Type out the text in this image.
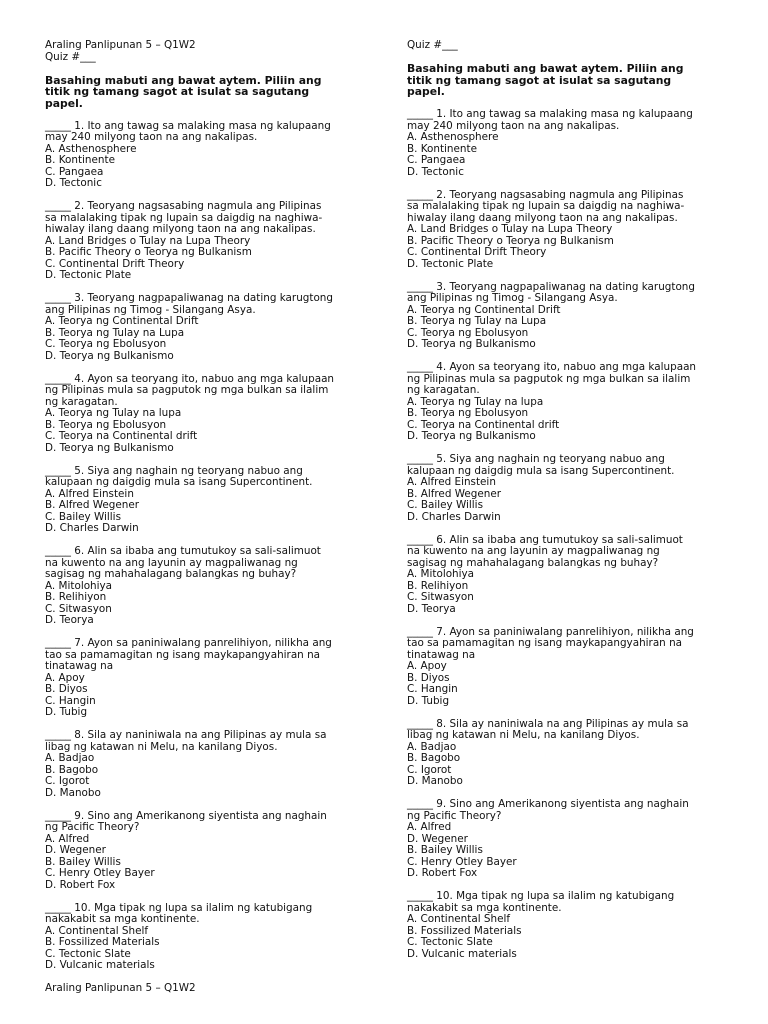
Araling Panlipunan 5 – Q1W2
Quiz #___
Basahing mabuti ang bawat aytem. Piliin ang
titik ng tamang sagot at isulat sa sagutang
papel.
_____ 1. Ito ang tawag sa malaking masa ng kalupaang
may 240 milyong taon na ang nakalipas.
A. Asthenosphere
B. Kontinente
C. Pangaea
D. Tectonic
_____ 2. Teoryang nagsasabing nagmula ang Pilipinas
sa malalaking tipak ng lupain sa daigdig na naghiwa-
hiwalay ilang daang milyong taon na ang nakalipas.
A. Land Bridges o Tulay na Lupa Theory
B. Pacific Theory o Teorya ng Bulkanism
C. Continental Drift Theory
D. Tectonic Plate
_____ 3. Teoryang nagpapaliwanag na dating karugtong
ang Pilipinas ng Timog - Silangang Asya.
A. Teorya ng Continental Drift
B. Teorya ng Tulay na Lupa
C. Teorya ng Ebolusyon
D. Teorya ng Bulkanismo
_____ 4. Ayon sa teoryang ito, nabuo ang mga kalupaan
ng Pilipinas mula sa pagputok ng mga bulkan sa ilalim
ng karagatan.
A. Teorya ng Tulay na lupa
B. Teorya ng Ebolusyon
C. Teorya na Continental drift
D. Teorya ng Bulkanismo
_____ 5. Siya ang naghain ng teoryang nabuo ang
kalupaan ng daigdig mula sa isang Supercontinent.
A. Alfred Einstein
B. Alfred Wegener
C. Bailey Willis
D. Charles Darwin
_____ 6. Alin sa ibaba ang tumutukoy sa sali-salimuot
na kuwento na ang layunin ay magpaliwanag ng
sagisag ng mahahalagang balangkas ng buhay?
A. Mitolohiya
B. Relihiyon
C. Sitwasyon
D. Teorya
_____ 7. Ayon sa paniniwalang panrelihiyon, nilikha ang
tao sa pamamagitan ng isang maykapangyahiran na
tinatawag na
A. Apoy
B. Diyos
C. Hangin
D. Tubig
_____ 8. Sila ay naniniwala na ang Pilipinas ay mula sa
libag ng katawan ni Melu, na kanilang Diyos.
A. Badjao
B. Bagobo
C. Igorot
D. Manobo
_____ 9. Sino ang Amerikanong siyentista ang naghain
ng Pacific Theory?
A. Alfred
D. Wegener
B. Bailey Willis
C. Henry Otley Bayer
D. Robert Fox
_____ 10. Mga tipak ng lupa sa ilalim ng katubigang
nakakabit sa mga kontinente.
A. Continental Shelf
B. Fossilized Materials
C. Tectonic Slate
D. Vulcanic materials
Araling Panlipunan 5 – Q1W2
Quiz #___
Basahing mabuti ang bawat aytem. Piliin ang
titik ng tamang sagot at isulat sa sagutang
papel.
_____ 1. Ito ang tawag sa malaking masa ng kalupaang
may 240 milyong taon na ang nakalipas.
A. Asthenosphere
B. Kontinente
C. Pangaea
D. Tectonic
_____ 2. Teoryang nagsasabing nagmula ang Pilipinas
sa malalaking tipak ng lupain sa daigdig na naghiwa-
hiwalay ilang daang milyong taon na ang nakalipas.
A. Land Bridges o Tulay na Lupa Theory
B. Pacific Theory o Teorya ng Bulkanism
C. Continental Drift Theory
D. Tectonic Plate
_____ 3. Teoryang nagpapaliwanag na dating karugtong
ang Pilipinas ng Timog - Silangang Asya.
A. Teorya ng Continental Drift
B. Teorya ng Tulay na Lupa
C. Teorya ng Ebolusyon
D. Teorya ng Bulkanismo
_____ 4. Ayon sa teoryang ito, nabuo ang mga kalupaan
ng Pilipinas mula sa pagputok ng mga bulkan sa ilalim
ng karagatan.
A. Teorya ng Tulay na lupa
B. Teorya ng Ebolusyon
C. Teorya na Continental drift
D. Teorya ng Bulkanismo
_____ 5. Siya ang naghain ng teoryang nabuo ang
kalupaan ng daigdig mula sa isang Supercontinent.
A. Alfred Einstein
B. Alfred Wegener
C. Bailey Willis
D. Charles Darwin
_____ 6. Alin sa ibaba ang tumutukoy sa sali-salimuot
na kuwento na ang layunin ay magpaliwanag ng
sagisag ng mahahalagang balangkas ng buhay?
A. Mitolohiya
B. Relihiyon
C. Sitwasyon
D. Teorya
_____ 7. Ayon sa paniniwalang panrelihiyon, nilikha ang
tao sa pamamagitan ng isang maykapangyahiran na
tinatawag na
A. Apoy
B. Diyos
C. Hangin
D. Tubig
_____ 8. Sila ay naniniwala na ang Pilipinas ay mula sa
libag ng katawan ni Melu, na kanilang Diyos.
A. Badjao
B. Bagobo
C. Igorot
D. Manobo
_____ 9. Sino ang Amerikanong siyentista ang naghain
ng Pacific Theory?
A. Alfred
D. Wegener
B. Bailey Willis
C. Henry Otley Bayer
D. Robert Fox
_____ 10. Mga tipak ng lupa sa ilalim ng katubigang
nakakabit sa mga kontinente.
A. Continental Shelf
B. Fossilized Materials
C. Tectonic Slate
D. Vulcanic materials
